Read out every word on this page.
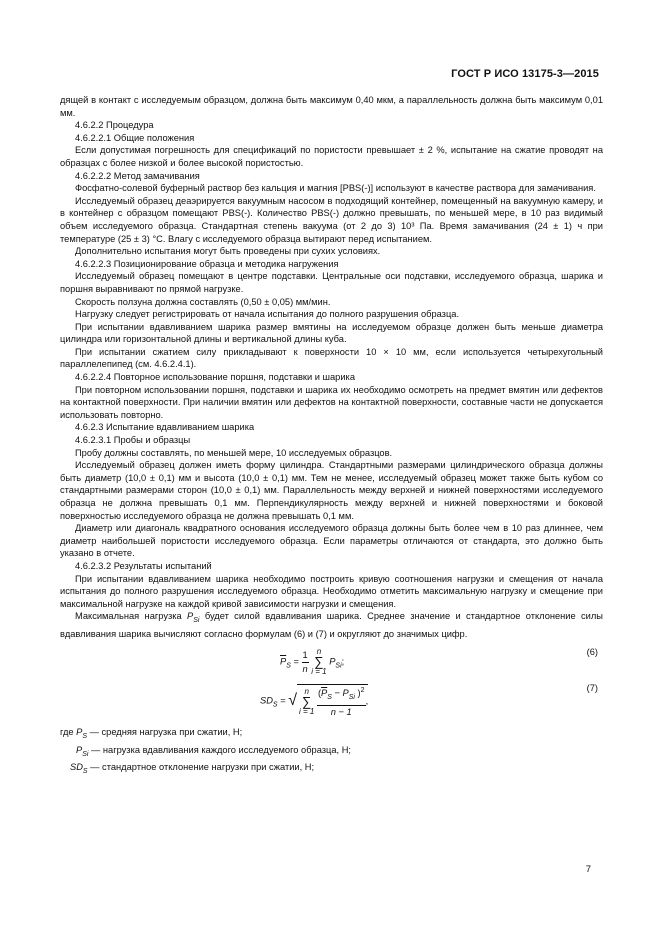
ГОСТ Р ИСО 13175-3—2015

дящей в контакт с исследуемым образцом, должна быть максимум 0,40 мкм, а параллельность должна быть максимум 0,01 мм.

4.6.2.2 Процедура

4.6.2.2.1 Общие положения

Если допустимая погрешность для спецификаций по пористости превышает ± 2 %, испытание на сжатие проводят на образцах с более низкой и более высокой пористостью.

4.6.2.2.2 Метод замачивания

Фосфатно-солевой буферный раствор без кальция и магния [PBS(-)] используют в качестве раствора для замачивания.

Исследуемый образец деаэрируется вакуумным насосом в подходящий контейнер, помещенный на вакуумную камеру, и в контейнер с образцом помещают PBS(-). Количество PBS(-) должно превышать, по меньшей мере, в 10 раз видимый объем исследуемого образца. Стандартная степень вакуума (от 2 до 3) 10³ Па. Время замачивания (24 ± 1) ч при температуре (25 ± 3) °С. Влагу с исследуемого образца вытирают перед испытанием.

Дополнительно испытания могут быть проведены при сухих условиях.

4.6.2.2.3 Позиционирование образца и методика нагружения

Исследуемый образец помещают в центре подставки. Центральные оси подставки, исследуемого образца, шарика и поршня выравнивают по прямой нагрузке.

Скорость ползуна должна составлять (0,50 ± 0,05) мм/мин.

Нагрузку следует регистрировать от начала испытания до полного разрушения образца.

При испытании вдавливанием шарика размер вмятины на исследуемом образце должен быть меньше диаметра цилиндра или горизонтальной длины и вертикальной длины куба.

При испытании сжатием силу прикладывают к поверхности 10 × 10 мм, если используется четырехугольный параллелепипед (см. 4.6.2.4.1).

4.6.2.2.4 Повторное использование поршня, подставки и шарика

При повторном использовании поршня, подставки и шарика их необходимо осмотреть на предмет вмятин или дефектов на контактной поверхности. При наличии вмятин или дефектов на контактной поверхности, составные части не допускается использовать повторно.

4.6.2.3 Испытание вдавливанием шарика

4.6.2.3.1 Пробы и образцы

Пробу должны составлять, по меньшей мере, 10 исследуемых образцов.

Исследуемый образец должен иметь форму цилиндра. Стандартными размерами цилиндрического образца должны быть диаметр (10,0 ± 0,1) мм и высота (10,0 ± 0,1) мм. Тем не менее, исследуемый образец может также быть кубом со стандартными размерами сторон (10,0 ± 0,1) мм. Параллельность между верхней и нижней поверхностями исследуемого образца не должна превышать 0,1 мм. Перпендикулярность между верхней и нижней поверхностями и боковой поверхностью исследуемого образца не должна превышать 0,1 мм.

Диаметр или диагональ квадратного основания исследуемого образца должны быть более чем в 10 раз длиннее, чем диаметр наибольшей пористости исследуемого образца. Если параметры отличаются от стандарта, это должно быть указано в отчете.

4.6.2.3.2 Результаты испытаний

При испытании вдавливанием шарика необходимо построить кривую соотношения нагрузки и смещения от начала испытания до полного разрушения исследуемого образца. Необходимо отметить максимальную нагрузку и смещение при максимальной нагрузке на каждой кривой зависимости нагрузки и смещения.

Максимальная нагрузка $P_{Si}$ будет силой вдавливания шарика. Среднее значение и стандартное отклонение силы вдавливания шарика вычисляют согласно формулам (6) и (7) и округляют до значимых цифр.

$\overline{P}_S = \frac{1}{n}$
	n
∑
i = 1
$P_{Si}$;
(6)
$SD_S$ = √
n
∑
i = 1
$\frac{(\overline{P}_S - P_{Si} )^2}{n - 1}$ ,
(7)

где $P_S$ — средняя нагрузка при сжатии, Н;

$P_{Si}$ — нагрузка вдавливания каждого исследуемого образца, Н;

$SD_S$ — стандартное отклонение нагрузки при сжатии, Н;

7
